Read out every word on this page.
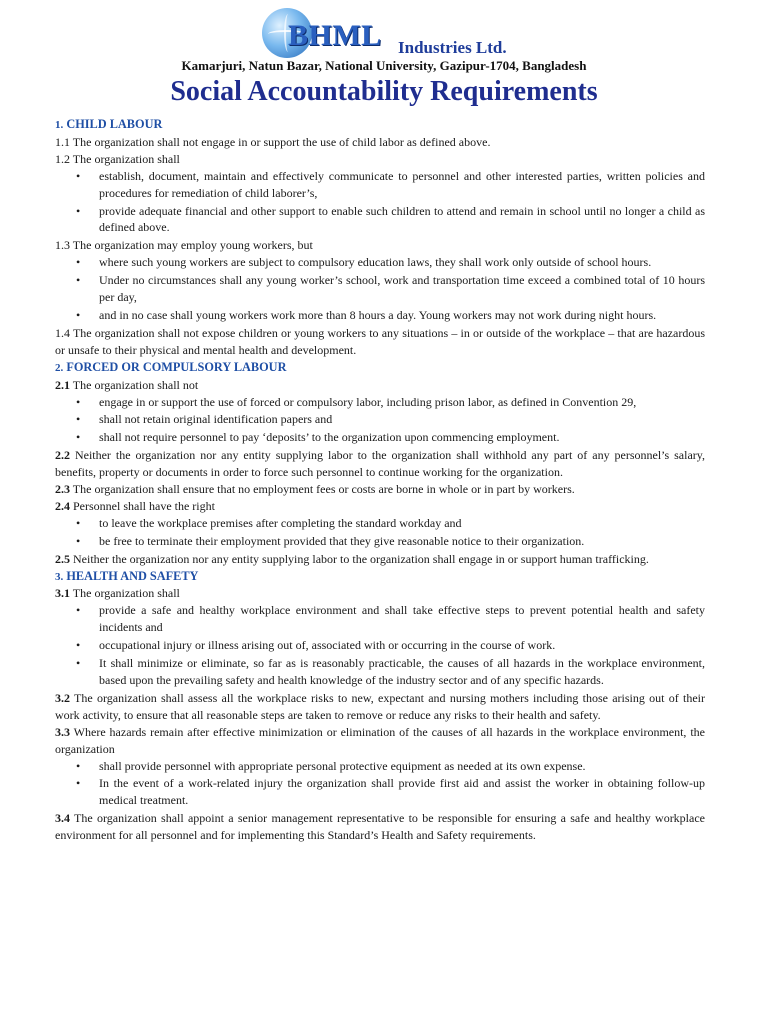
BHML Industries Ltd.
Kamarjuri, Natun Bazar, National University, Gazipur-1704, Bangladesh
Social Accountability Requirements

1. CHILD LABOUR

1.1 The organization shall not engage in or support the use of child labor as defined above.

1.2 The organization shall

• establish, document, maintain and effectively communicate to personnel and other interested parties, written policies and procedures for remediation of child laborer’s,
• provide adequate financial and other support to enable such children to attend and remain in school until no longer a child as defined above.

1.3 The organization may employ young workers, but

• where such young workers are subject to compulsory education laws, they shall work only outside of school hours.
• Under no circumstances shall any young worker’s school, work and transportation time exceed a combined total of 10 hours per day,
• and in no case shall young workers work more than 8 hours a day. Young workers may not work during night hours.

1.4 The organization shall not expose children or young workers to any situations – in or outside of the workplace – that are hazardous or unsafe to their physical and mental health and development.

2. FORCED OR COMPULSORY LABOUR

2.1 The organization shall not

• engage in or support the use of forced or compulsory labor, including prison labor, as defined in Convention 29,
• shall not retain original identification papers and
• shall not require personnel to pay ‘deposits’ to the organization upon commencing employment.

2.2 Neither the organization nor any entity supplying labor to the organization shall withhold any part of any personnel’s salary, benefits, property or documents in order to force such personnel to continue working for the organization.

2.3 The organization shall ensure that no employment fees or costs are borne in whole or in part by workers.

2.4 Personnel shall have the right

• to leave the workplace premises after completing the standard workday and
• be free to terminate their employment provided that they give reasonable notice to their organization.

2.5 Neither the organization nor any entity supplying labor to the organization shall engage in or support human trafficking.

3. HEALTH AND SAFETY

3.1 The organization shall

• provide a safe and healthy workplace environment and shall take effective steps to prevent potential health and safety incidents and
• occupational injury or illness arising out of, associated with or occurring in the course of work.
• It shall minimize or eliminate, so far as is reasonably practicable, the causes of all hazards in the workplace environment, based upon the prevailing safety and health knowledge of the industry sector and of any specific hazards.

3.2 The organization shall assess all the workplace risks to new, expectant and nursing mothers including those arising out of their work activity, to ensure that all reasonable steps are taken to remove or reduce any risks to their health and safety.

3.3 Where hazards remain after effective minimization or elimination of the causes of all hazards in the workplace environment, the organization

• shall provide personnel with appropriate personal protective equipment as needed at its own expense.
• In the event of a work-related injury the organization shall provide first aid and assist the worker in obtaining follow-up medical treatment.

3.4 The organization shall appoint a senior management representative to be responsible for ensuring a safe and healthy workplace environment for all personnel and for implementing this Standard’s Health and Safety requirements.
